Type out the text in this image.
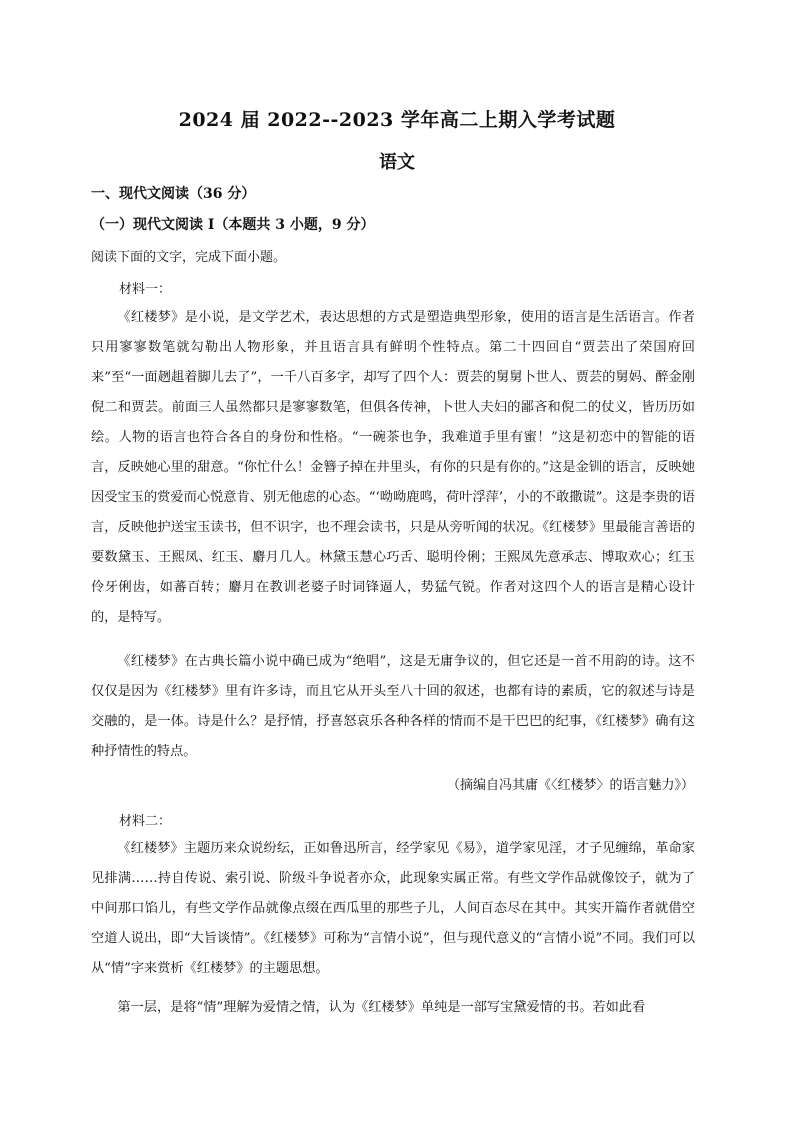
2024 届 2022--2023 学年高二上期入学考试题
语文
一、现代文阅读（36 分）
（一）现代文阅读 I（本题共 3 小题，9 分）
阅读下面的文字，完成下面小题。
材料一：

《红楼梦》是小说，是文学艺术，表达思想的方式是塑造典型形象，使用的语言是生活语言。作者只用寥寥数笔就勾勒出人物形象，并且语言具有鲜明个性特点。第二十四回自“贾芸出了荣国府回来”至“一面趔趄着脚儿去了”，一千八百多字，却写了四个人：贾芸的舅舅卜世人、贾芸的舅妈、醉金刚倪二和贾芸。前面三人虽然都只是寥寥数笔，但俱各传神，卜世人夫妇的鄙吝和倪二的仗义，皆历历如绘。人物的语言也符合各自的身份和性格。“一碗茶也争，我难道手里有蜜！”这是初恋中的智能的语言，反映她心里的甜意。“你忙什么！金簪子掉在井里头，有你的只是有你的。”这是金钏的语言，反映她因受宝玉的赏爱而心悦意肯、别无他虑的心态。“‘呦呦鹿鸣，荷叶浮萍’，小的不敢撒谎”。这是李贵的语言，反映他护送宝玉读书，但不识字，也不理会读书，只是从旁听闻的状况。《红楼梦》里最能言善语的要数黛玉、王熙凤、红玉、麝月几人。林黛玉慧心巧舌、聪明伶俐；王熙凤先意承志、博取欢心；红玉伶牙俐齿，如蕃百转；麝月在教训老婆子时词锋逼人，势猛气锐。作者对这四个人的语言是精心设计的，是特写。

《红楼梦》在古典长篇小说中确已成为“绝唱”，这是无庸争议的，但它还是一首不用韵的诗。这不仅仅是因为《红楼梦》里有许多诗，而且它从开头至八十回的叙述，也都有诗的素质，它的叙述与诗是交融的，是一体。诗是什么？是抒情，抒喜怒哀乐各种各样的情而不是干巴巴的纪事，《红楼梦》确有这种抒情性的特点。

（摘编自冯其庸《〈红楼梦〉的语言魅力》）
材料二：

《红楼梦》主题历来众说纷纭，正如鲁迅所言，经学家见《易》，道学家见淫，才子见缠绵，革命家见排满……持自传说、索引说、阶级斗争说者亦众，此现象实属正常。有些文学作品就像饺子，就为了中间那口馅儿，有些文学作品就像点缀在西瓜里的那些子儿，人间百态尽在其中。其实开篇作者就借空空道人说出，即“大旨谈情”。《红楼梦》可称为“言情小说”，但与现代意义的“言情小说”不同。我们可以从“情”字来赏析《红楼梦》的主题思想。

第一层，是将“情”理解为爱情之情，认为《红楼梦》单纯是一部写宝黛爱情的书。若如此看
